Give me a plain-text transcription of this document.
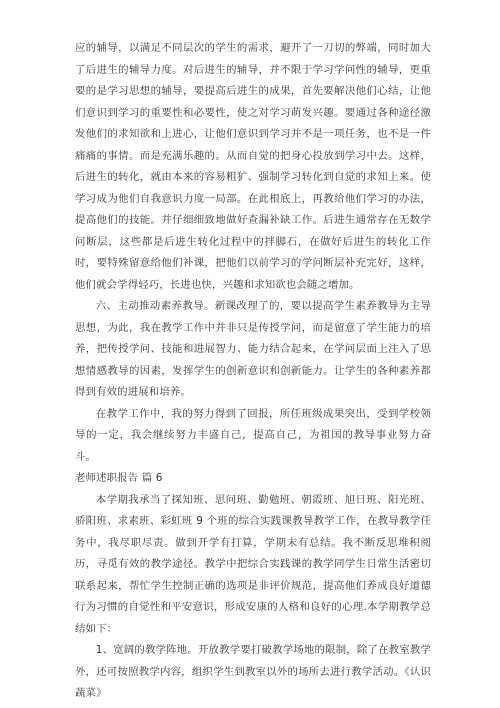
应的辅导，以满足不同层次的学生的需求，避开了一刀切的弊端，同时加大了后进生的辅导力度。对后进生的辅导，并不限于学习学问性的辅导，更重要的是学习思想的辅导，要提高后进生的成果，首先要解决他们心结，让他们意识到学习的重要性和必要性，使之对学习萌发兴趣。要通过各种途径激发他们的求知欲和上进心，让他们意识到学习并不是一项任务，也不是一件痛痛的事情。而是充满乐趣的。从而自觉的把身心投放到学习中去。这样，后进生的转化，就由本来的容易粗犷、强制学习转化到自觉的求知上来。使学习成为他们自我意识力度一局部。在此根底上，再教给他们学习的办法，提高他们的技能。并仔细细致地做好查漏补缺工作。后进生通常存在无数学问断层，这些都是后进生转化过程中的拌脚石，在做好后进生的转化工作时，要特殊留意给他们补课，把他们以前学习的学问断层补充完好，这样，他们就会学得轻巧，长进也快，兴趣和求知欲也会随之增加。

六、主动推动素养教导。新课改理了的，要以提高学生素养教导为主导思想，为此，我在教学工作中并非只是传授学问，而是留意了学生能力的培养，把传授学问、技能和进展智力、能力结合起来，在学问层面上注入了思想情感教导的因素，发挥学生的创新意识和创新能力。让学生的各种素养都得到有效的进展和培养。

在教学工作中，我的努力得到了回报，所任班级成果突出，受到学校领导的一定，我会继续努力丰盛自己，提高自己，为祖国的教导事业努力奋斗。

老师述职报告 篇 6

本学期我承当了探知班、思问班、勤勉班、朝霞班、旭日班、阳光班、骄阳班、求素班、彩虹班 9 个班的综合实践课教导教学工作，在教导教学任务中，我尽职尽责。做到开学有打算，学期末有总结。我不断反思堆积阅历，寻觅有效的教学途径。教学中把综合实践课的教学同学生日常生活密切联系起来，帮忙学生控制正确的选项是非评价规范，提高他们养成良好道德行为习惯的自觉性和平安意识，形成安康的人格和良好的心理.本学期教学总结如下：

1、宽阔的教学阵地。开放教学要打破教学场地的限制，除了在教室教学外，还可按照教学内容，组织学生到教室以外的场所去进行教学活动。《认识蔬菜》
